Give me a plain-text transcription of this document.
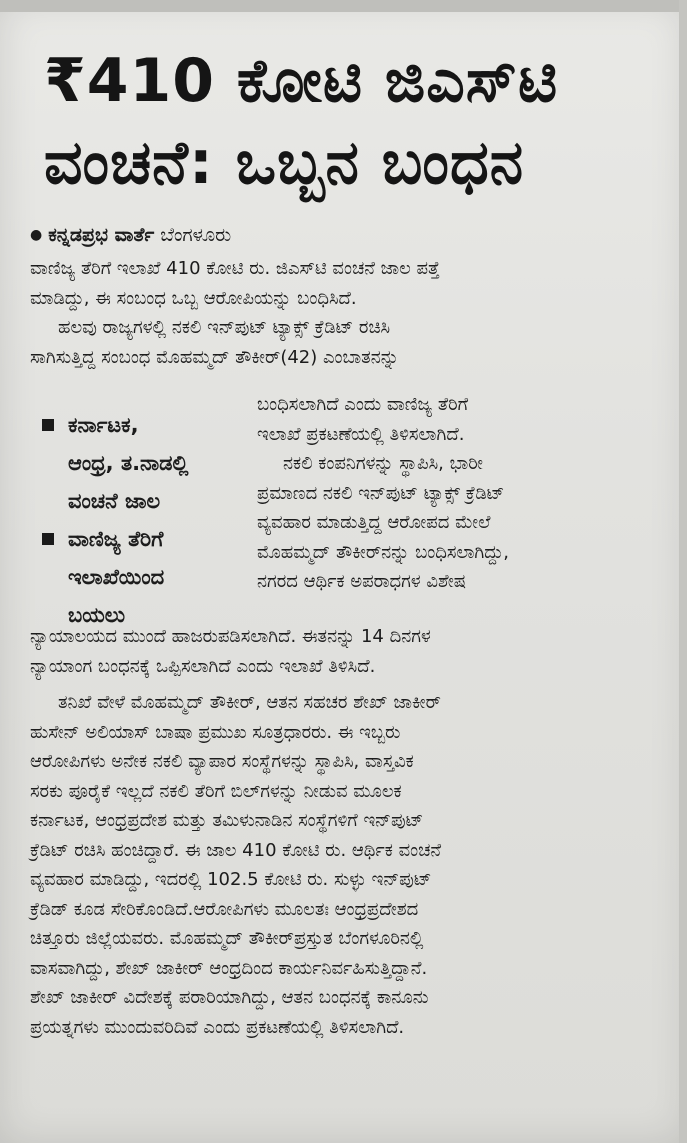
₹410 ಕೋಟಿ ಜಿಎಸ್‌ಟಿ
ವಂಚನೆ: ಒಬ್ಬನ ಬಂಧನ
● ಕನ್ನಡಪ್ರಭ ವಾರ್ತೆ ಬೆಂಗಳೂರು
ವಾಣಿಜ್ಯ ತೆರಿಗೆ ಇಲಾಖೆ 410 ಕೋಟಿ ರು. ಜಿಎಸ್‌ಟಿ ವಂಚನೆ ಜಾಲ ಪತ್ತೆ
ಮಾಡಿದ್ದು, ಈ ಸಂಬಂಧ ಒಬ್ಬ ಆರೋಪಿಯನ್ನು ಬಂಧಿಸಿದೆ.
ಹಲವು ರಾಜ್ಯಗಳಲ್ಲಿ ನಕಲಿ ಇನ್‌ಪುಟ್ ಟ್ಯಾಕ್ಸ್ ಕ್ರೆಡಿಟ್ ರಚಿಸಿ
ಸಾಗಿಸುತ್ತಿದ್ದ ಸಂಬಂಧ ಮೊಹಮ್ಮದ್ ತೌಕೀರ್(42) ಎಂಬಾತನನ್ನು
ಕರ್ನಾಟಕ,
ಆಂಧ್ರ, ತ.ನಾಡಲ್ಲಿ
ವಂಚನೆ ಜಾಲ
ವಾಣಿಜ್ಯ ತೆರಿಗೆ
ಇಲಾಖೆಯಿಂದ
ಬಯಲು
ಬಂಧಿಸಲಾಗಿದೆ ಎಂದು ವಾಣಿಜ್ಯ ತೆರಿಗೆ
ಇಲಾಖೆ ಪ್ರಕಟಣೆಯಲ್ಲಿ ತಿಳಿಸಲಾಗಿದೆ.
ನಕಲಿ ಕಂಪನಿಗಳನ್ನು ಸ್ಥಾಪಿಸಿ, ಭಾರೀ
ಪ್ರಮಾಣದ ನಕಲಿ ಇನ್‌ಪುಟ್ ಟ್ಯಾಕ್ಸ್ ಕ್ರೆಡಿಟ್
ವ್ಯವಹಾರ ಮಾಡುತ್ತಿದ್ದ ಆರೋಪದ ಮೇಲೆ
ಮೊಹಮ್ಮದ್ ತೌಕೀರ್‌ನನ್ನು ಬಂಧಿಸಲಾಗಿದ್ದು,
ನಗರದ ಆರ್ಥಿಕ ಅಪರಾಧಗಳ ವಿಶೇಷ
ನ್ಯಾಯಾಲಯದ ಮುಂದೆ ಹಾಜರುಪಡಿಸಲಾಗಿದೆ. ಈತನನ್ನು 14 ದಿನಗಳ
ನ್ಯಾಯಾಂಗ ಬಂಧನಕ್ಕೆ ಒಪ್ಪಿಸಲಾಗಿದೆ ಎಂದು ಇಲಾಖೆ ತಿಳಿಸಿದೆ.
ತನಿಖೆ ವೇಳೆ ಮೊಹಮ್ಮದ್ ತೌಕೀರ್, ಆತನ ಸಹಚರ ಶೇಖ್ ಜಾಕೀರ್
ಹುಸೇನ್ ಅಲಿಯಾಸ್ ಬಾಷಾ ಪ್ರಮುಖ ಸೂತ್ರಧಾರರು. ಈ ಇಬ್ಬರು
ಆರೋಪಿಗಳು ಅನೇಕ ನಕಲಿ ವ್ಯಾಪಾರ ಸಂಸ್ಥೆಗಳನ್ನು ಸ್ಥಾಪಿಸಿ, ವಾಸ್ತವಿಕ
ಸರಕು ಪೂರೈಕೆ ಇಲ್ಲದೆ ನಕಲಿ ತೆರಿಗೆ ಬಿಲ್‌ಗಳನ್ನು ನೀಡುವ ಮೂಲಕ
ಕರ್ನಾಟಕ, ಆಂಧ್ರಪ್ರದೇಶ ಮತ್ತು ತಮಿಳುನಾಡಿನ ಸಂಸ್ಥೆಗಳಿಗೆ ಇನ್‌ಪುಟ್
ಕ್ರೆಡಿಟ್ ರಚಿಸಿ ಹಂಚಿದ್ದಾರೆ. ಈ ಜಾಲ 410 ಕೋಟಿ ರು. ಆರ್ಥಿಕ ವಂಚನೆ
ವ್ಯವಹಾರ ಮಾಡಿದ್ದು, ಇದರಲ್ಲಿ 102.5 ಕೋಟಿ ರು. ಸುಳ್ಳು ಇನ್‌ಪುಟ್
ಕ್ರೆಡಿಡ್ ಕೂಡ ಸೇರಿಕೊಂಡಿದೆ.ಆರೋಪಿಗಳು ಮೂಲತಃ ಆಂಧ್ರಪ್ರದೇಶದ
ಚಿತ್ತೂರು ಜಿಲ್ಲೆಯವರು. ಮೊಹಮ್ಮದ್ ತೌಕೀರ್‌ಪ್ರಸ್ತುತ ಬೆಂಗಳೂರಿನಲ್ಲಿ
ವಾಸವಾಗಿದ್ದು, ಶೇಖ್ ಜಾಕೀರ್ ಆಂಧ್ರದಿಂದ ಕಾರ್ಯನಿರ್ವಹಿಸುತ್ತಿದ್ದಾನೆ.
ಶೇಖ್ ಜಾಕೀರ್ ವಿದೇಶಕ್ಕೆ ಪರಾರಿಯಾಗಿದ್ದು, ಆತನ ಬಂಧನಕ್ಕೆ ಕಾನೂನು
ಪ್ರಯತ್ನಗಳು ಮುಂದುವರಿದಿವೆ ಎಂದು ಪ್ರಕಟಣೆಯಲ್ಲಿ ತಿಳಿಸಲಾಗಿದೆ.
